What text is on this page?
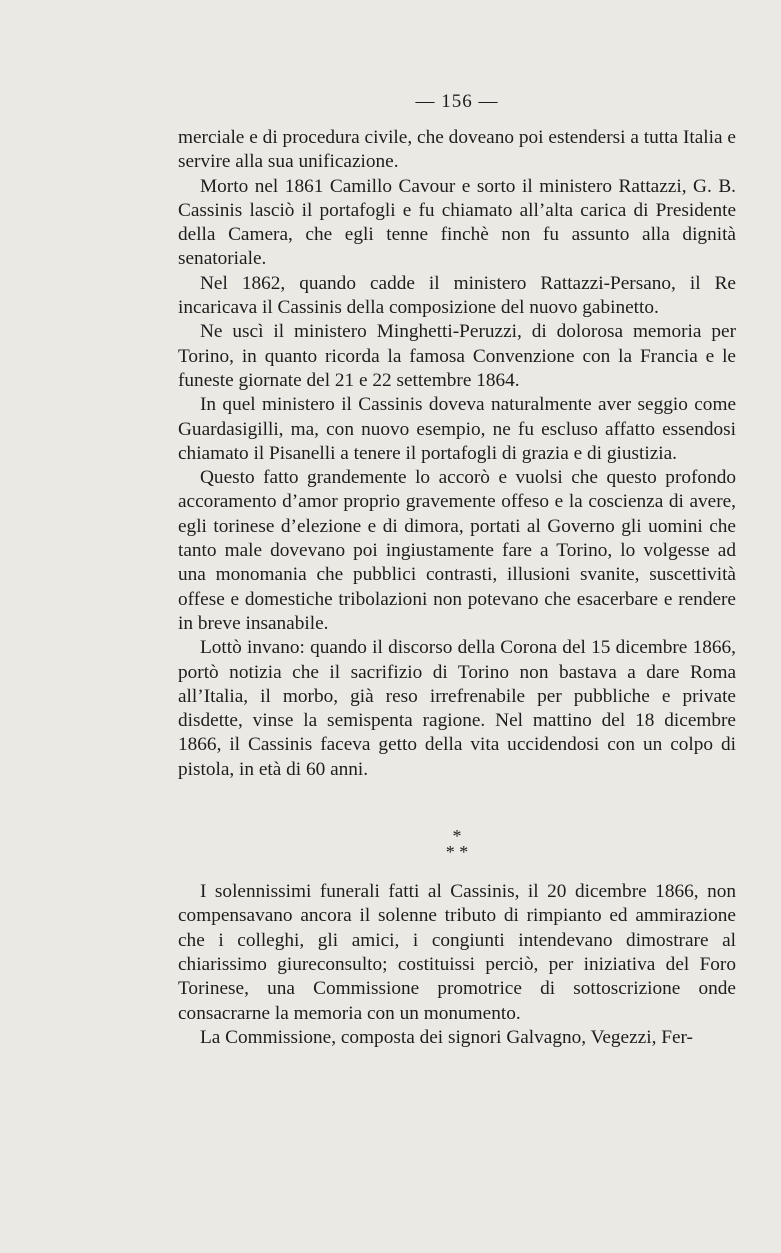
— 156 —

merciale e di procedura civile, che doveano poi estendersi a tutta Italia e servire alla sua unificazione.

Morto nel 1861 Camillo Cavour e sorto il ministero Rattazzi, G. B. Cassinis lasciò il portafogli e fu chiamato all’alta carica di Presidente della Camera, che egli tenne finchè non fu assunto alla dignità senatoriale.

Nel 1862, quando cadde il ministero Rattazzi-Persano, il Re incaricava il Cassinis della composizione del nuovo gabinetto.

Ne uscì il ministero Minghetti-Peruzzi, di dolorosa memoria per Torino, in quanto ricorda la famosa Convenzione con la Francia e le funeste giornate del 21 e 22 settembre 1864.

In quel ministero il Cassinis doveva naturalmente aver seggio come Guardasigilli, ma, con nuovo esempio, ne fu escluso affatto essendosi chiamato il Pisanelli a tenere il portafogli di grazia e di giustizia.

Questo fatto grandemente lo accorò e vuolsi che questo profondo accoramento d’amor proprio gravemente offeso e la coscienza di avere, egli torinese d’elezione e di dimora, portati al Governo gli uomini che tanto male dovevano poi ingiustamente fare a Torino, lo volgesse ad una monomania che pubblici contrasti, illusioni svanite, suscettività offese e domestiche tribolazioni non potevano che esacerbare e rendere in breve insanabile.

Lottò invano: quando il discorso della Corona del 15 dicembre 1866, portò notizia che il sacrifizio di Torino non bastava a dare Roma all’Italia, il morbo, già reso irrefrenabile per pubbliche e private disdette, vinse la semispenta ragione. Nel mattino del 18 dicembre 1866, il Cassinis faceva getto della vita uccidendosi con un colpo di pistola, in età di 60 anni.

*
* *

I solennissimi funerali fatti al Cassinis, il 20 dicembre 1866, non compensavano ancora il solenne tributo di rimpianto ed ammirazione che i colleghi, gli amici, i congiunti intendevano dimostrare al chiarissimo giureconsulto; costituissi perciò, per iniziativa del Foro Torinese, una Commissione promotrice di sottoscrizione onde consacrarne la memoria con un monumento.

La Commissione, composta dei signori Galvagno, Vegezzi, Fer-
